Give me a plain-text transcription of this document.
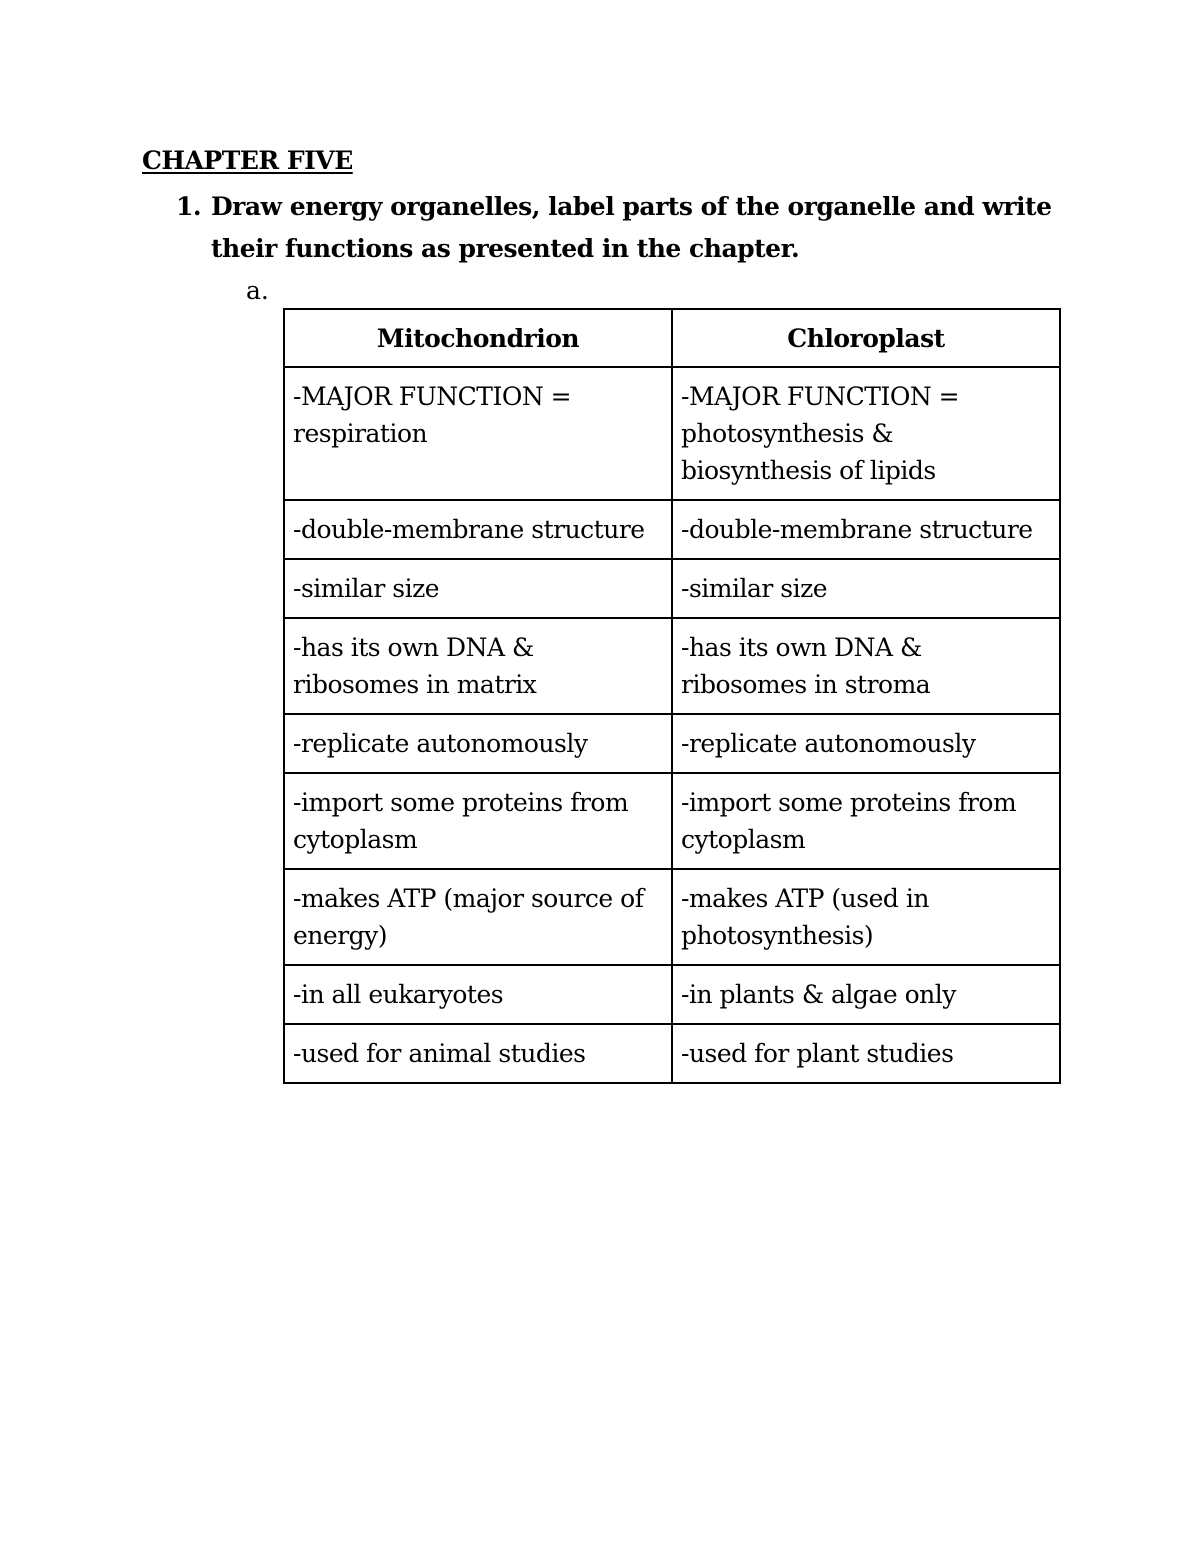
CHAPTER FIVE
1. Draw energy organelles, label parts of the organelle and write their functions as presented in the chapter.
a.
Mitochondrion	Chloroplast
-MAJOR FUNCTION = respiration	-MAJOR FUNCTION = photosynthesis & biosynthesis of lipids
-double-membrane structure	-double-membrane structure
-similar size	-similar size
-has its own DNA & ribosomes in matrix	-has its own DNA & ribosomes in stroma
-replicate autonomously	-replicate autonomously
-import some proteins from cytoplasm	-import some proteins from cytoplasm
-makes ATP (major source of energy)	-makes ATP (used in photosynthesis)
-in all eukaryotes	-in plants & algae only
-used for animal studies	-used for plant studies
